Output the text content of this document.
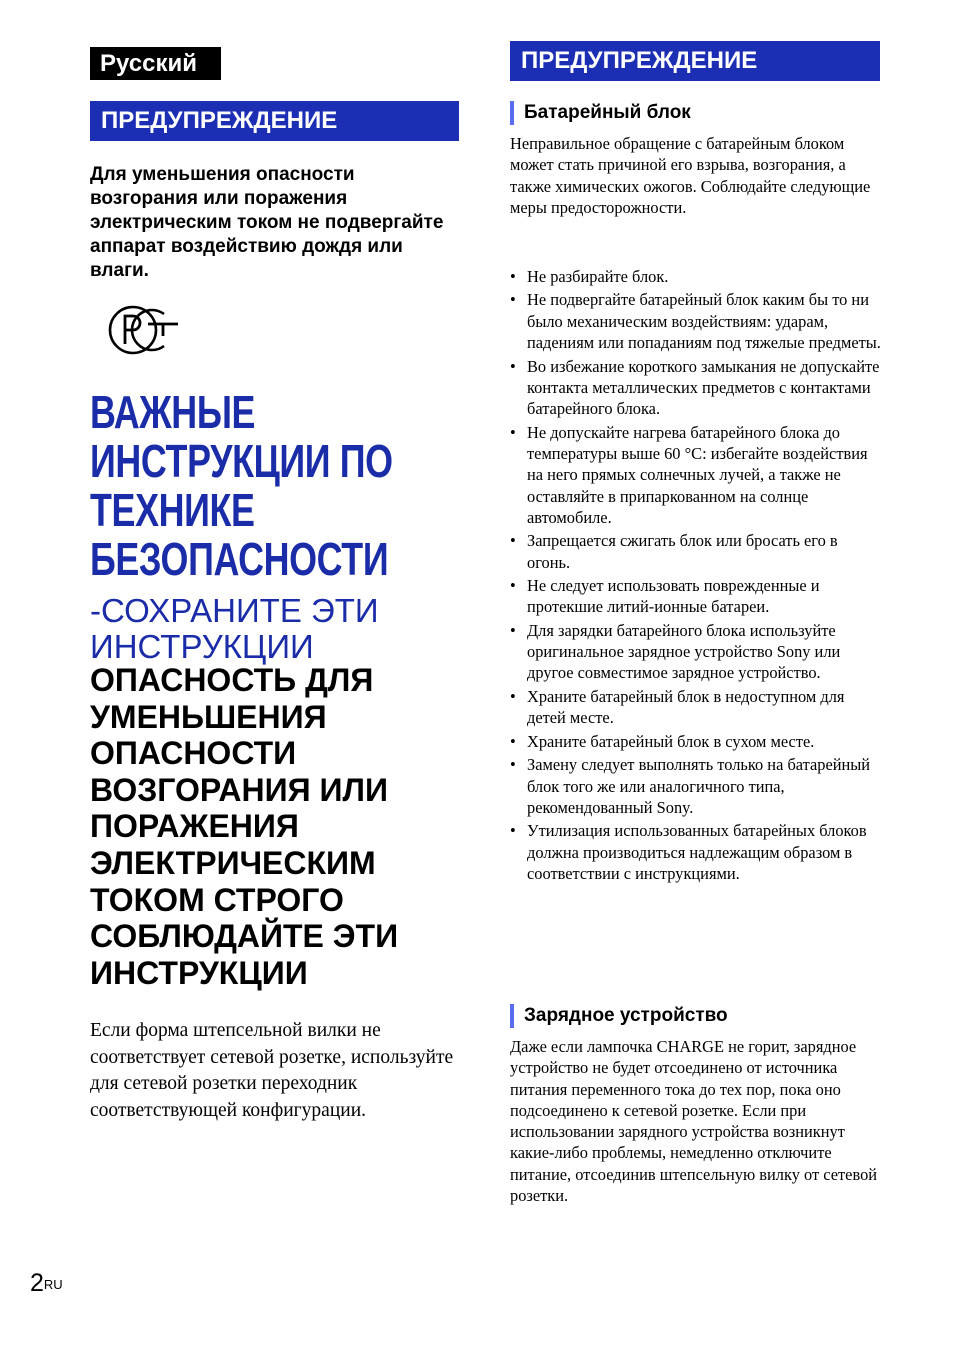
Русский
ПРЕДУПРЕЖДЕНИЕ

Для уменьшения опасности возгорания или поражения электрическим током не подвергайте аппарат воздействию дождя или влаги.

ВАЖНЫЕ
ИНСТРУКЦИИ ПО
ТЕХНИКЕ
БЕЗОПАСНОСТИ

-СОХРАНИТЕ ЭТИ ИНСТРУКЦИИ

ОПАСНОСТЬ ДЛЯ УМЕНЬШЕНИЯ ОПАСНОСТИ ВОЗГОРАНИЯ ИЛИ ПОРАЖЕНИЯ ЭЛЕКТРИЧЕСКИМ ТОКОМ СТРОГО СОБЛЮДАЙТЕ ЭТИ ИНСТРУКЦИИ

Если форма штепсельной вилки не соответствует сетевой розетке, используйте для сетевой розетки переходник соответствующей конфигурации.

ПРЕДУПРЕЖДЕНИЕ
Батарейный блок

Неправильное обращение с батарейным блоком может стать причиной его взрыва, возгорания, а также химических ожогов. Соблюдайте следующие меры предосторожности.

• Не разбирайте блок.
• Не подвергайте батарейный блок каким бы то ни было механическим воздействиям: ударам, падениям или попаданиям под тяжелые предметы.
• Во избежание короткого замыкания не допускайте контакта металлических предметов с контактами батарейного блока.
• Не допускайте нагрева батарейного блока до температуры выше 60 °C: избегайте воздействия на него прямых солнечных лучей, а также не оставляйте в припаркованном на солнце автомобиле.
• Запрещается сжигать блок или бросать его в огонь.
• Не следует использовать поврежденные и протекшие литий-ионные батареи.
• Для зарядки батарейного блока используйте оригинальное зарядное устройство Sony или другое совместимое зарядное устройство.
• Храните батарейный блок в недоступном для детей месте.
• Храните батарейный блок в сухом месте.
• Замену следует выполнять только на батарейный блок того же или аналогичного типа, рекомендованный Sony.
• Утилизация использованных батарейных блоков должна производиться надлежащим образом в соответствии с инструкциями.
Зарядное устройство

Даже если лампочка CHARGE не горит, зарядное устройство не будет отсоединено от источника питания переменного тока до тех пор, пока оно подсоединено к сетевой розетке. Если при использовании зарядного устройства возникнут какие-либо проблемы, немедленно отключите питание, отсоединив штепсельную вилку от сетевой розетки.

$2^{RU}$
